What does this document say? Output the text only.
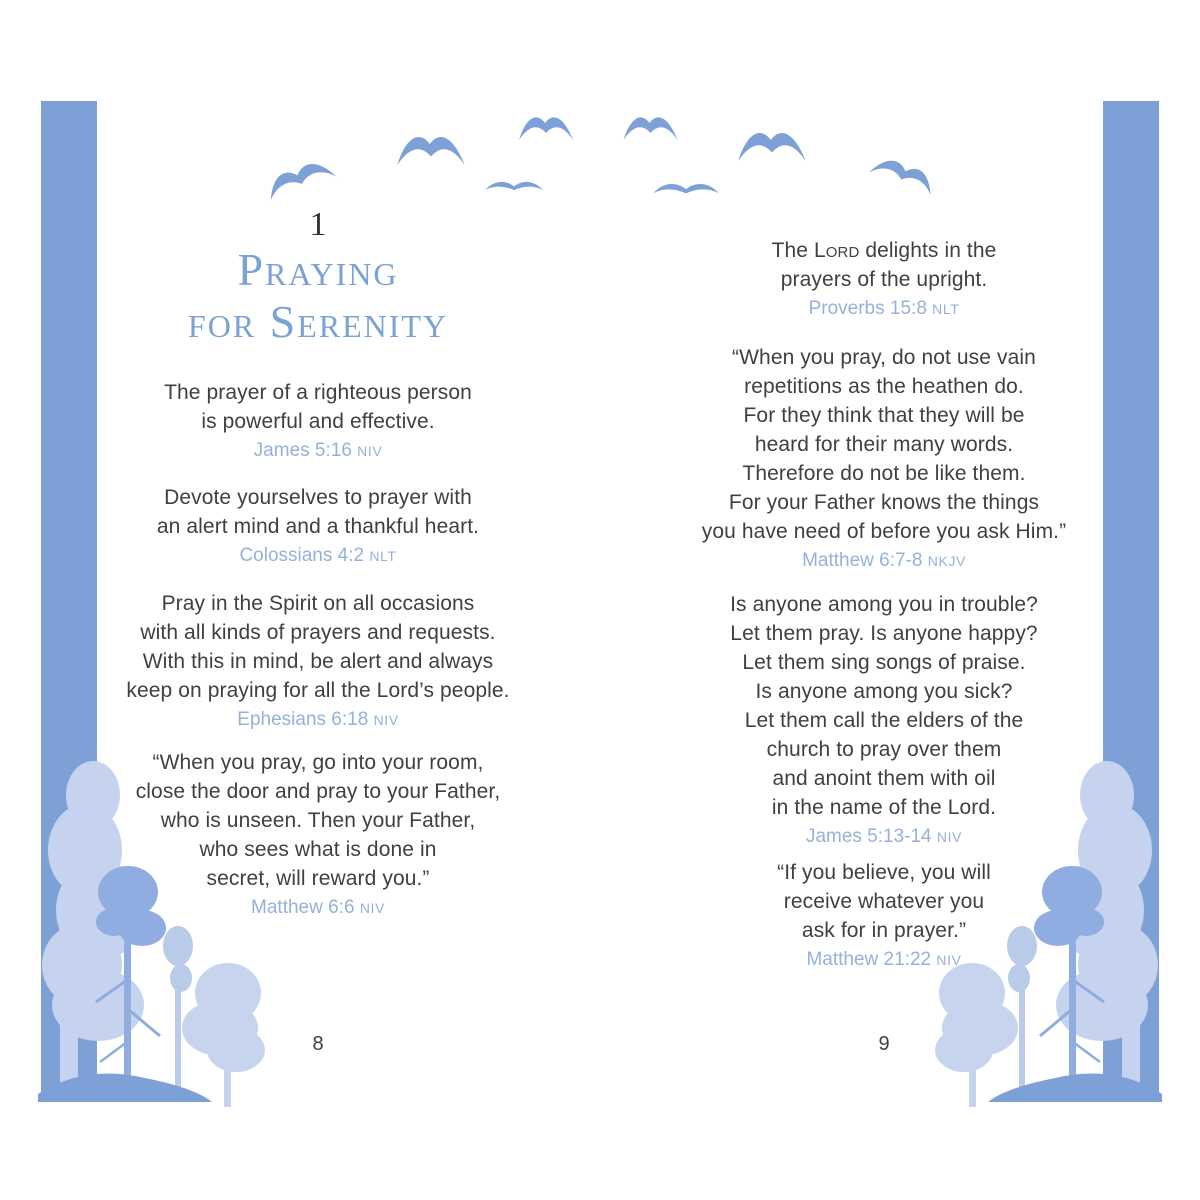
1
Praying
for Serenity
The prayer of a righteous person
is powerful and effective.
James 5:16 NIV
Devote yourselves to prayer with
an alert mind and a thankful heart.
Colossians 4:2 NLT
Pray in the Spirit on all occasions
with all kinds of prayers and requests.
With this in mind, be alert and always
keep on praying for all the Lord’s people.
Ephesians 6:18 NIV
“When you pray, go into your room,
close the door and pray to your Father,
who is unseen. Then your Father,
who sees what is done in
secret, will reward you.”
Matthew 6:6 NIV
8
The Lord delights in the
prayers of the upright.
Proverbs 15:8 NLT
“When you pray, do not use vain
repetitions as the heathen do.
For they think that they will be
heard for their many words.
Therefore do not be like them.
For your Father knows the things
you have need of before you ask Him.”
Matthew 6:7-8 NKJV
Is anyone among you in trouble?
Let them pray. Is anyone happy?
Let them sing songs of praise.
Is anyone among you sick?
Let them call the elders of the
church to pray over them
and anoint them with oil
in the name of the Lord.
James 5:13-14 NIV
“If you believe, you will
receive whatever you
ask for in prayer.”
Matthew 21:22 NIV
9
